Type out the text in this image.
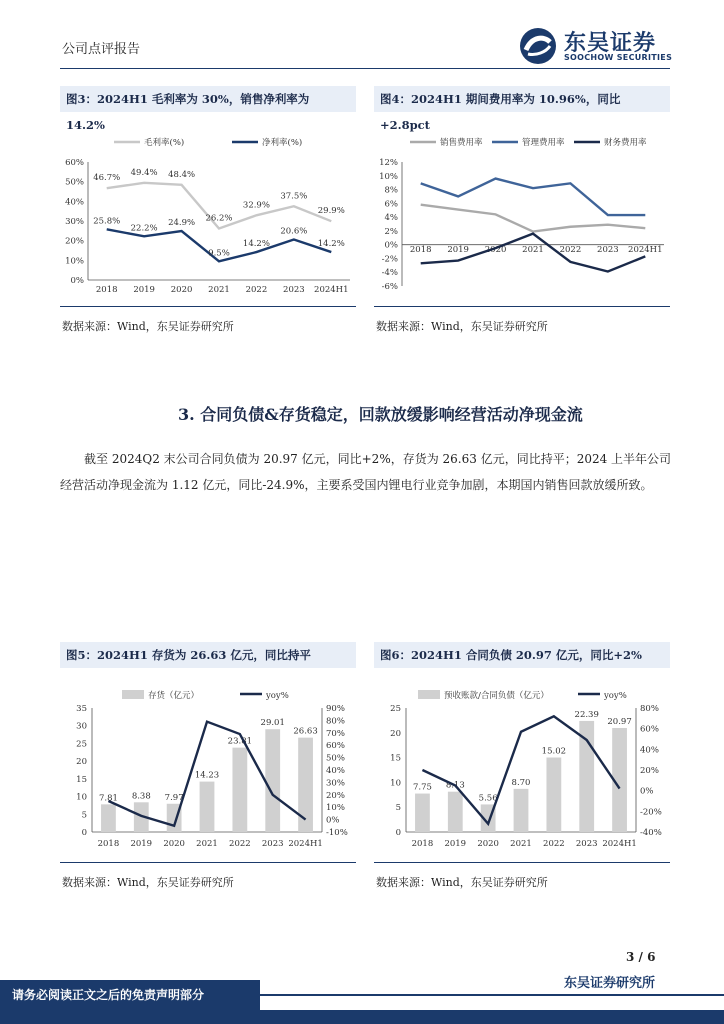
公司点评报告	东吴证券
SOOCHOW SECURITIES
图3：2024H1 毛利率为 30%，销售净利率为 14.2%
0%
10%
20%
30%
40%
50%
60%
2018 2019 2020 2021 2022 2023 2024H1
46.7%
49.4% 48.4%
26.2%
32.9%
37.5%
29.9%
25.8%
22.2%
24.9%
9.5%
14.2%
20.6%
14.2%
毛利率(%)	净利率(%)
数据来源：Wind，东吴证券研究所
图4：2024H1 期间费用率为 10.96%，同比+2.8pct
-6%
-4%
-2%
0%
2%
4%
6%
8%
10%
12%
2018 2019 2020 2021 2022 2023 2024H1
销售费用率	管理费用率	财务费用率
数据来源：Wind，东吴证券研究所
3. 合同负债&存货稳定，回款放缓影响经营活动净现金流

截至 2024Q2 末公司合同负债为 20.97 亿元，同比+2%，存货为 26.63 亿元，同比持平；2024 上半年公司经营活动净现金流为 1.12 亿元，同比-24.9%，主要系受国内锂电行业竞争加剧，本期国内销售回款放缓所致。

图5：2024H1 存货为 26.63 亿元，同比持平
0
5
10
15
20
25
30
35
-10%
0%
10%
20%
30%
40%
50%
60%
70%
80%
90%
7.81 8.38 7.97
14.23
23.81
29.01
26.63
2018 2019 2020 2021 2022 2023 2024H1
存货（亿元）	yoy%
数据来源：Wind，东吴证券研究所
图6：2024H1 合同负债 20.97 亿元，同比+2%
0
5
10
15
20
25
-40%
-20%
0%
20%
40%
60%
80%
7.75 8.13
5.56
8.70
15.02
22.39
20.97
2018 2019 2020 2021 2022 2023 2024H1
预收账款/合同负债（亿元）	yoy%
数据来源：Wind，东吴证券研究所
3 / 6
东吴证券研究所
请务必阅读正文之后的免责声明部分
